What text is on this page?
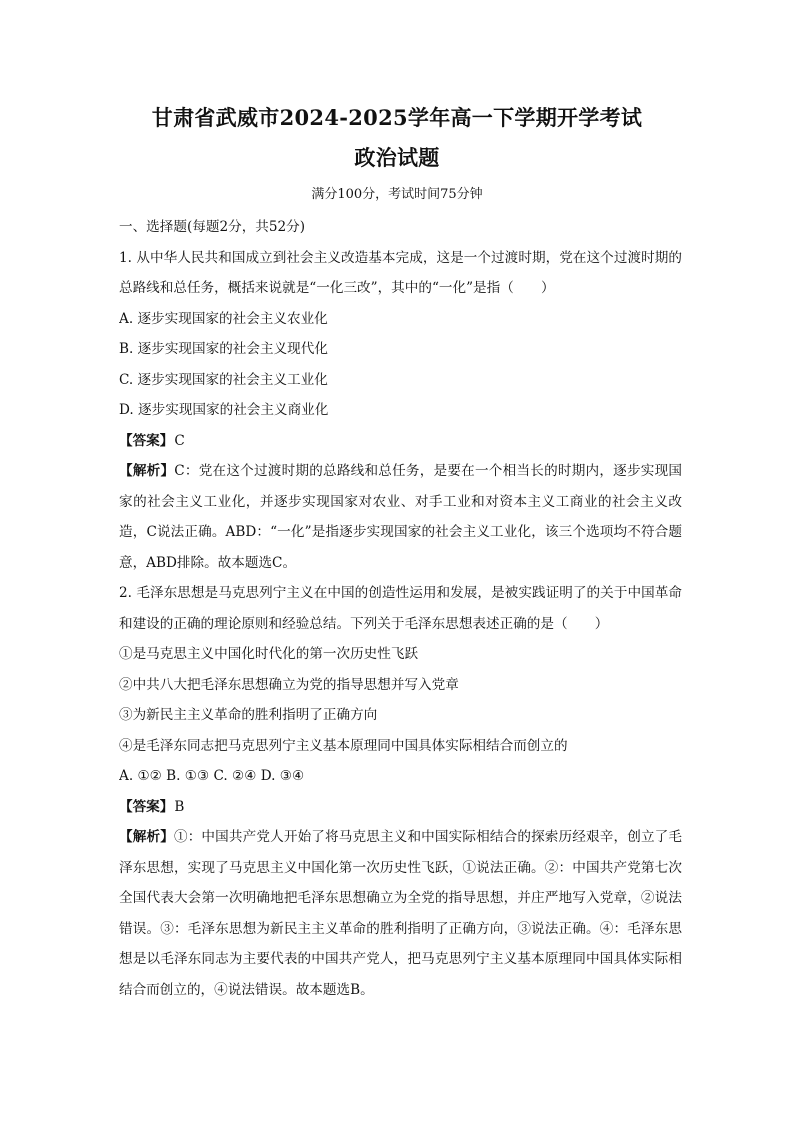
甘肃省武威市2024-2025学年高一下学期开学考试
政治试题
满分100分，考试时间75分钟
一、选择题(每题2分，共52分)
1. 从中华人民共和国成立到社会主义改造基本完成，这是一个过渡时期，党在这个过渡时期的总路线和总任务，概括来说就是“一化三改”，其中的“一化”是指（　　）
A. 逐步实现国家的社会主义农业化
B. 逐步实现国家的社会主义现代化
C. 逐步实现国家的社会主义工业化
D. 逐步实现国家的社会主义商业化
【答案】C
【解析】C：党在这个过渡时期的总路线和总任务，是要在一个相当长的时期内，逐步实现国家的社会主义工业化，并逐步实现国家对农业、对手工业和对资本主义工商业的社会主义改造，C说法正确。ABD：“一化”是指逐步实现国家的社会主义工业化，该三个选项均不符合题意，ABD排除。故本题选C。
2. 毛泽东思想是马克思列宁主义在中国的创造性运用和发展，是被实践证明了的关于中国革命和建设的正确的理论原则和经验总结。下列关于毛泽东思想表述正确的是（　　）
①是马克思主义中国化时代化的第一次历史性飞跃
②中共八大把毛泽东思想确立为党的指导思想并写入党章
③为新民主主义革命的胜利指明了正确方向
④是毛泽东同志把马克思列宁主义基本原理同中国具体实际相结合而创立的
A. ①② B. ①③ C. ②④ D. ③④
【答案】B
【解析】①：中国共产党人开始了将马克思主义和中国实际相结合的探索历经艰辛，创立了毛泽东思想，实现了马克思主义中国化第一次历史性飞跃，①说法正确。②：中国共产党第七次全国代表大会第一次明确地把毛泽东思想确立为全党的指导思想，并庄严地写入党章，②说法错误。③：毛泽东思想为新民主主义革命的胜利指明了正确方向，③说法正确。④：毛泽东思想是以毛泽东同志为主要代表的中国共产党人，把马克思列宁主义基本原理同中国具体实际相结合而创立的，④说法错误。故本题选B。
